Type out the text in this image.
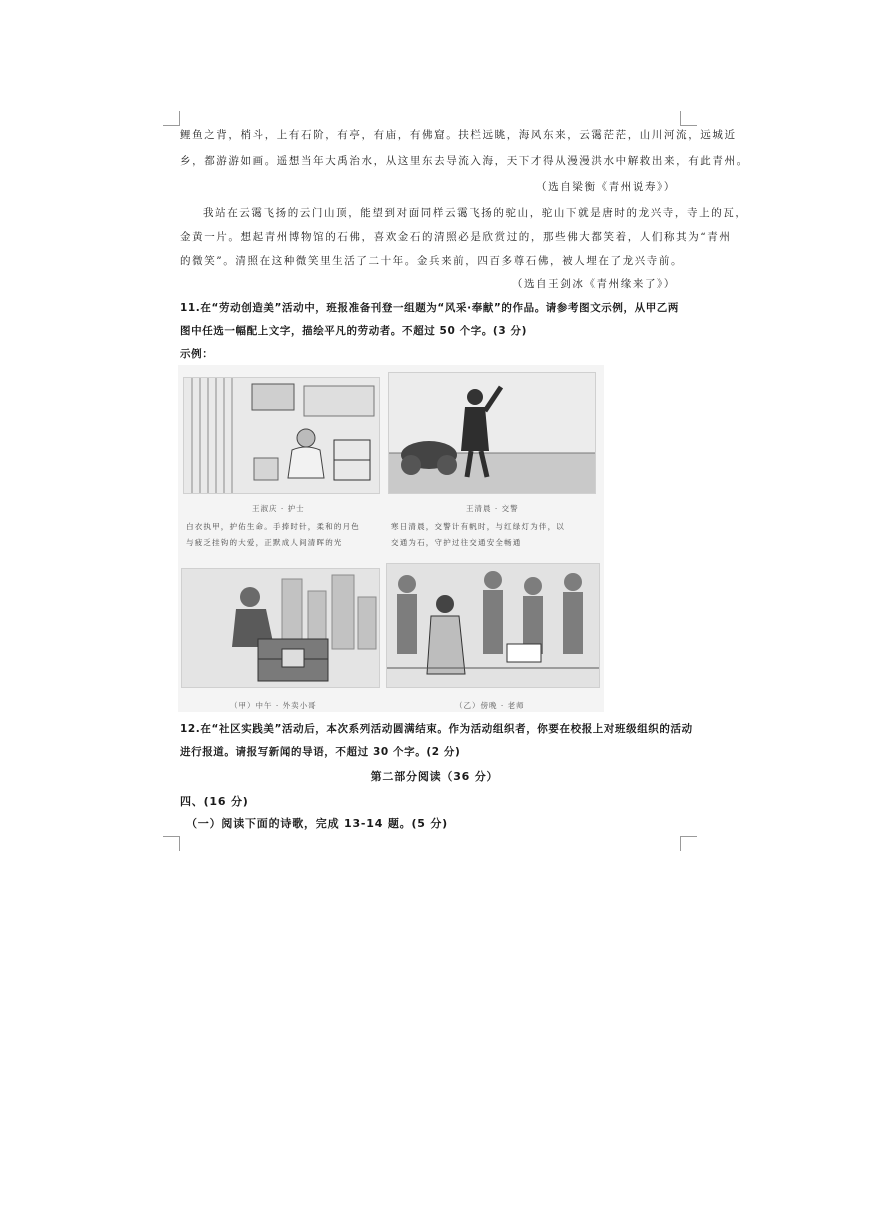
鲤鱼之背，梢斗，上有石阶，有亭，有庙，有佛窟。扶栏远眺，海风东来，云霭茫茫，山川河流，远城近
乡，都游游如画。遥想当年大禹治水，从这里东去导流入海，天下才得从漫漫洪水中解救出来，有此青州。
（选自梁衡《青州说寿》）
我站在云霭飞扬的云门山顶，能望到对面同样云霭飞扬的驼山，驼山下就是唐时的龙兴寺，寺上的瓦，
金黄一片。想起青州博物馆的石佛，喜欢金石的清照必是欣赏过的，那些佛大都笑着，人们称其为“青州
的微笑”。清照在这种微笑里生活了二十年。金兵来前，四百多尊石佛，被人埋在了龙兴寺前。
（选自王剑冰《青州缘来了》）
11.在“劳动创造美”活动中，班报准备刊登一组题为“风采·奉献”的作品。请参考图文示例，从甲乙两
图中任选一幅配上文字，描绘平凡的劳动者。不超过 50 个字。(3 分)
示例：
王淑庆 · 护士
白衣执甲，护佑生命。手捧时针，柔和的月色
与疲乏挂钩的大爱，正默成人间清晖的光
王清晨 · 交警
寒日清晨，交警计有帆时，与红绿灯为伴，以
交通为石，守护过往交通安全畅通
（甲）中午 · 外卖小哥	（乙）傍晚 · 老师
12.在“社区实践美”活动后，本次系列活动圆满结束。作为活动组织者，你要在校报上对班级组织的活动
进行报道。请报写新闻的导语，不超过 30 个字。(2 分)
第二部分阅读（36 分）
四、(16 分)
（一）阅读下面的诗歌，完成 13-14 题。(5 分)
